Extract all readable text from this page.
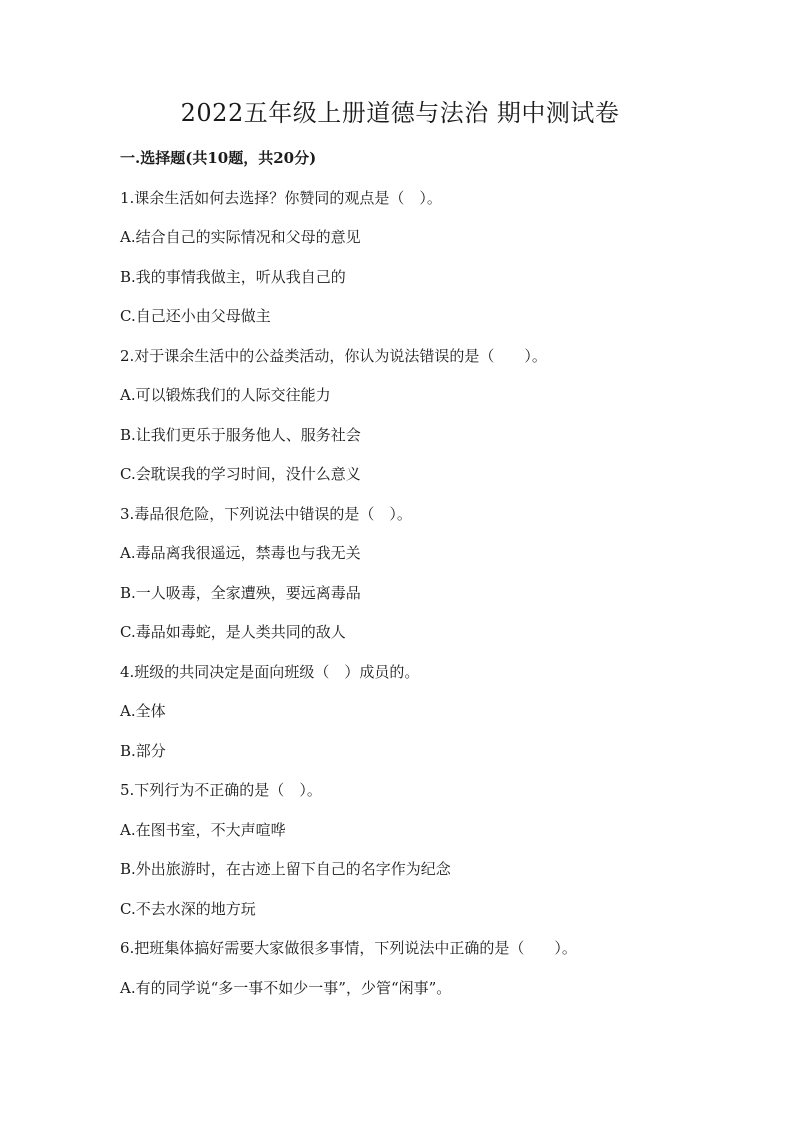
2022五年级上册道德与法治 期中测试卷
一.选择题(共10题，共20分)
1.课余生活如何去选择？你赞同的观点是（　）。
A.结合自己的实际情况和父母的意见
B.我的事情我做主，听从我自己的
C.自己还小由父母做主
2.对于课余生活中的公益类活动，你认为说法错误的是（　　）。
A.可以锻炼我们的人际交往能力
B.让我们更乐于服务他人、服务社会
C.会耽误我的学习时间，没什么意义
3.毒品很危险，下列说法中错误的是（　）。
A.毒品离我很遥远，禁毒也与我无关
B.一人吸毒，全家遭殃，要远离毒品
C.毒品如毒蛇，是人类共同的敌人
4.班级的共同决定是面向班级（　）成员的。
A.全体
B.部分
5.下列行为不正确的是（　）。
A.在图书室，不大声喧哗
B.外出旅游时，在古迹上留下自己的名字作为纪念
C.不去水深的地方玩
6.把班集体搞好需要大家做很多事情，下列说法中正确的是（　　）。
A.有的同学说“多一事不如少一事”，少管“闲事”。
